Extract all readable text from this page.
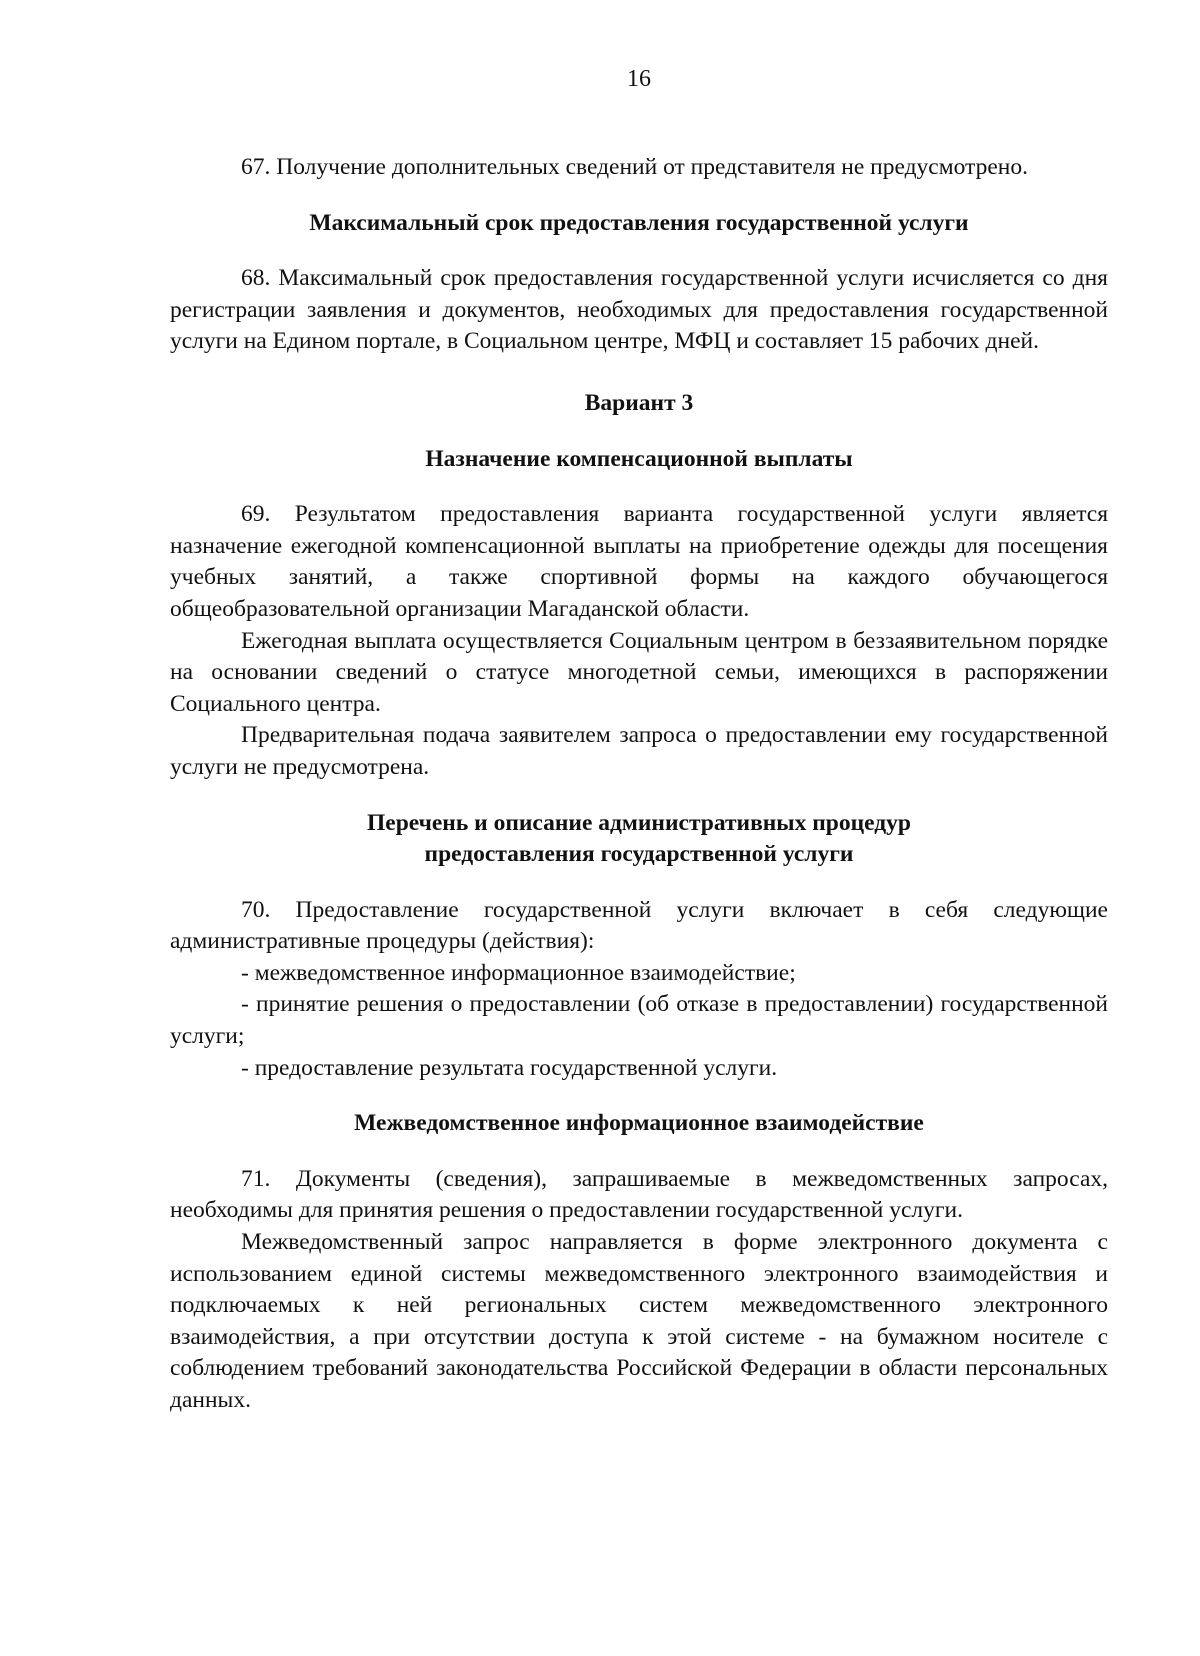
16

67. Получение дополнительных сведений от представителя не предусмотрено.

Максимальный срок предоставления государственной услуги

68. Максимальный срок предоставления государственной услуги исчисляется со дня регистрации заявления и документов, необходимых для предоставления государственной услуги на Едином портале, в Социальном центре, МФЦ и составляет 15 рабочих дней.

Вариант 3
Назначение компенсационной выплаты

69. Результатом предоставления варианта государственной услуги является назначение ежегодной компенсационной выплаты на приобретение одежды для посещения учебных занятий, а также спортивной формы на каждого обучающегося общеобразовательной организации Магаданской области.

Ежегодная выплата осуществляется Социальным центром в беззаявительном порядке на основании сведений о статусе многодетной семьи, имеющихся в распоряжении Социального центра.

Предварительная подача заявителем запроса о предоставлении ему государственной услуги не предусмотрена.

Перечень и описание административных процедур предоставления государственной услуги

70. Предоставление государственной услуги включает в себя следующие административные процедуры (действия):

- межведомственное информационное взаимодействие;

- принятие решения о предоставлении (об отказе в предоставлении) государственной услуги;

- предоставление результата государственной услуги.

Межведомственное информационное взаимодействие

71. Документы (сведения), запрашиваемые в межведомственных запросах, необходимы для принятия решения о предоставлении государственной услуги.

Межведомственный запрос направляется в форме электронного документа с использованием единой системы межведомственного электронного взаимодействия и подключаемых к ней региональных систем межведомственного электронного взаимодействия, а при отсутствии доступа к этой системе - на бумажном носителе с соблюдением требований законодательства Российской Федерации в области персональных данных.
